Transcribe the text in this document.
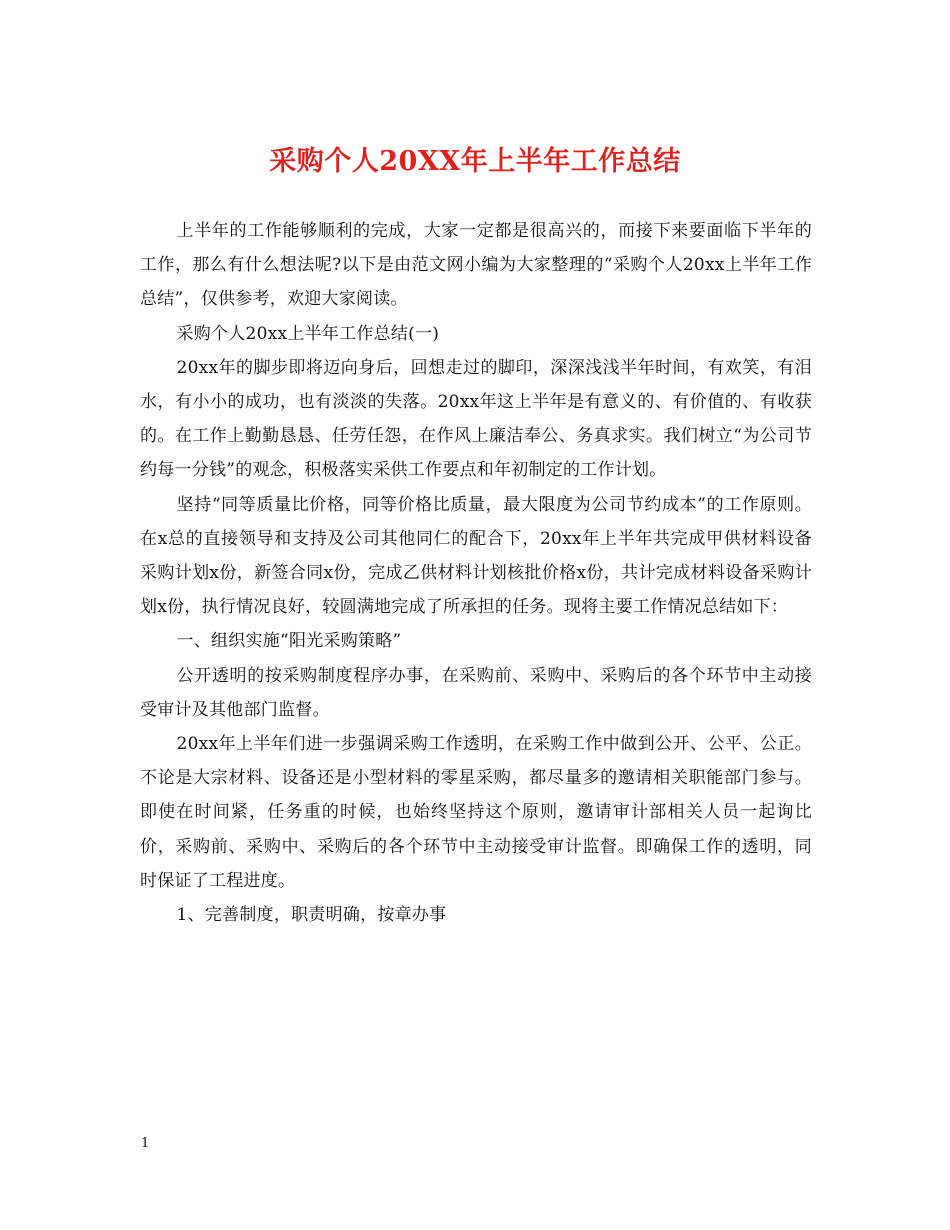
采购个人20XX年上半年工作总结

上半年的工作能够顺利的完成，大家一定都是很高兴的，而接下来要面临下半年的工作，那么有什么想法呢?以下是由范文网小编为大家整理的“采购个人20xx上半年工作总结”，仅供参考，欢迎大家阅读。

采购个人20xx上半年工作总结(一)

20xx年的脚步即将迈向身后，回想走过的脚印，深深浅浅半年时间，有欢笑，有泪水，有小小的成功，也有淡淡的失落。20xx年这上半年是有意义的、有价值的、有收获的。在工作上勤勤恳恳、任劳任怨，在作风上廉洁奉公、务真求实。我们树立“为公司节约每一分钱”的观念，积极落实采供工作要点和年初制定的工作计划。

坚持“同等质量比价格，同等价格比质量，最大限度为公司节约成本”的工作原则。在x总的直接领导和支持及公司其他同仁的配合下，20xx年上半年共完成甲供材料设备采购计划x份，新签合同x份，完成乙供材料计划核批价格x份，共计完成材料设备采购计划x份，执行情况良好，较圆满地完成了所承担的任务。现将主要工作情况总结如下：

一、组织实施“阳光采购策略”

公开透明的按采购制度程序办事，在采购前、采购中、采购后的各个环节中主动接受审计及其他部门监督。

20xx年上半年们进一步强调采购工作透明，在采购工作中做到公开、公平、公正。不论是大宗材料、设备还是小型材料的零星采购，都尽量多的邀请相关职能部门参与。即使在时间紧，任务重的时候，也始终坚持这个原则，邀请审计部相关人员一起询比价，采购前、采购中、采购后的各个环节中主动接受审计监督。即确保工作的透明，同时保证了工程进度。

1、完善制度，职责明确，按章办事

1
